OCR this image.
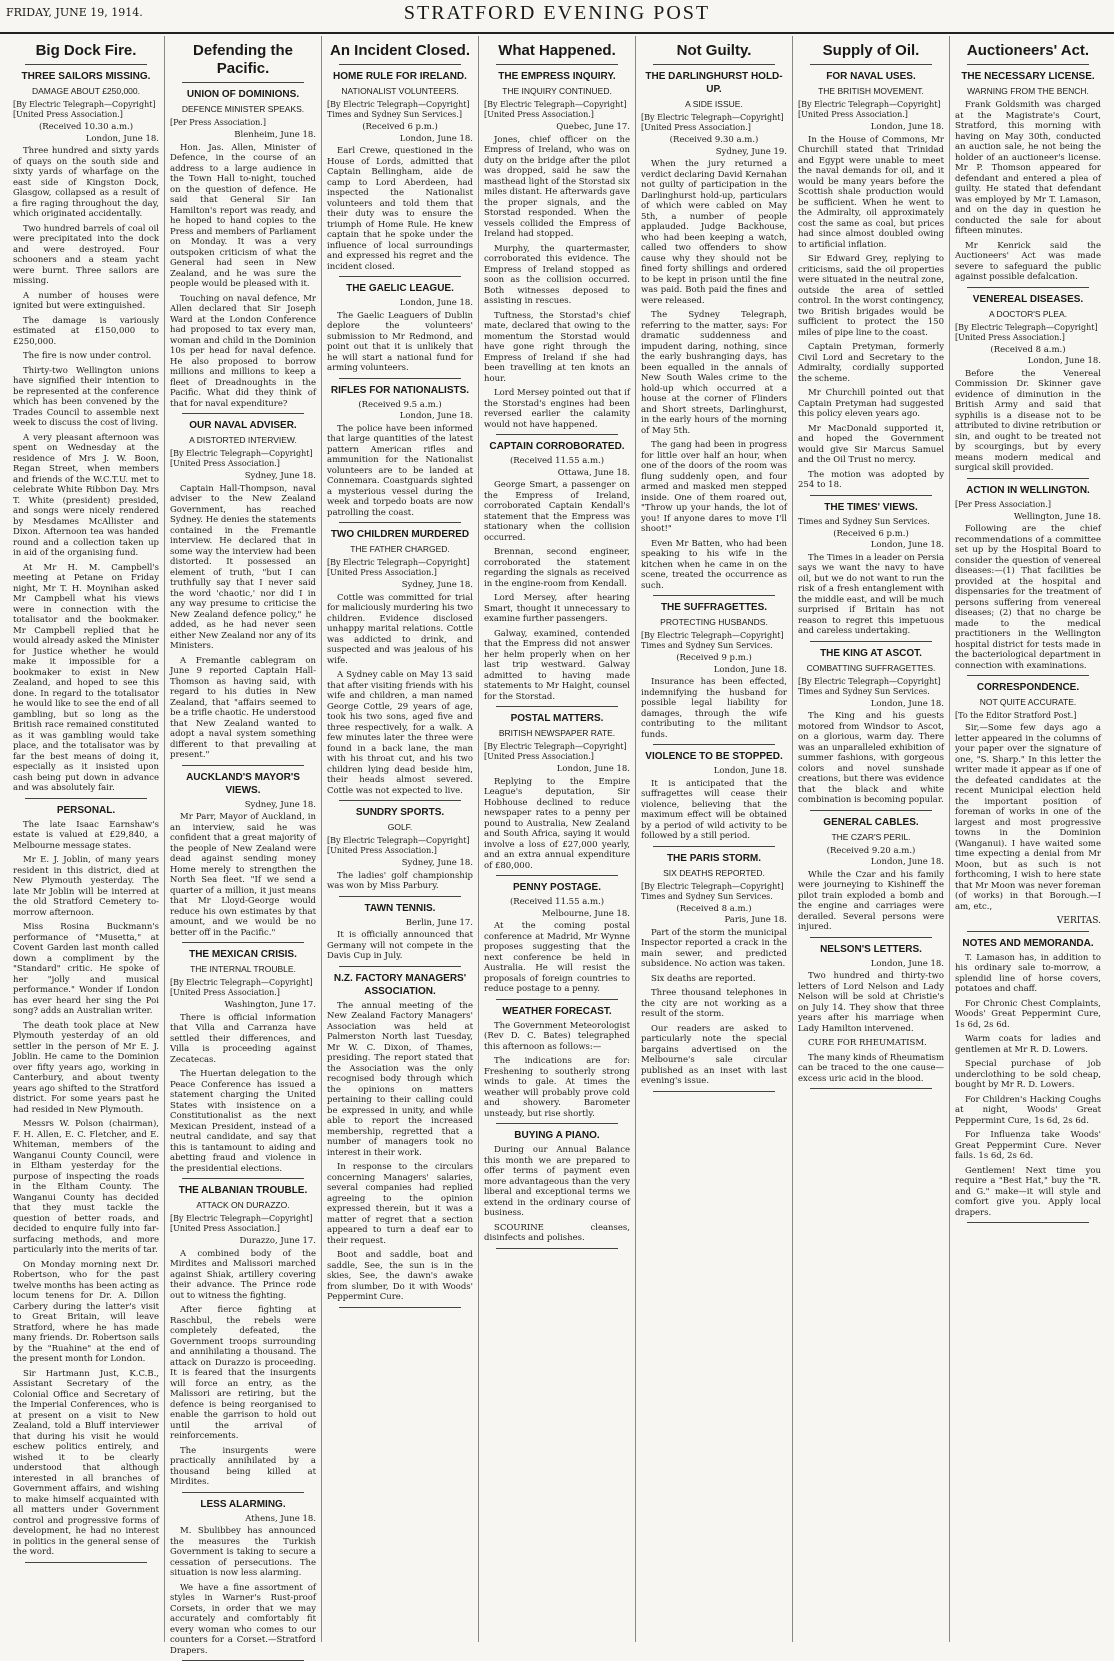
FRIDAY, JUNE 19, 1914.	STRATFORD EVENING POST
Big Dock Fire.
THREE SAILORS MISSING.
DAMAGE ABOUT £250,000.
[By Electric Telegraph—Copyright] [United Press Association.]
(Received 10.30 a.m.)
London, June 18.

Three hundred and sixty yards of quays on the south side and sixty yards of wharfage on the east side of Kingston Dock, Glasgow, collapsed as a result of a fire raging throughout the day, which originated accidentally.

Two hundred barrels of coal oil were precipitated into the dock and were destroyed. Four schooners and a steam yacht were burnt. Three sailors are missing.

A number of houses were ignited but were extinguished.

The damage is variously estimated at £150,000 to £250,000.

The fire is now under control.

Thirty-two Wellington unions have signified their intention to be represented at the conference which has been convened by the Trades Council to assemble next week to discuss the cost of living.

A very pleasant afternoon was spent on Wednesday at the residence of Mrs J. W. Boon, Regan Street, when members and friends of the W.C.T.U. met to celebrate White Ribbon Day. Mrs T. White (president) presided, and songs were nicely rendered by Mesdames McAllister and Dixon. Afternoon tea was handed round and a collection taken up in aid of the organising fund.

At Mr H. M. Campbell's meeting at Petane on Friday night, Mr T. H. Moynihan asked Mr Campbell what his views were in connection with the totalisator and the bookmaker. Mr Campbell replied that he would already asked the Minister for Justice whether he would make it impossible for a bookmaker to exist in New Zealand, and hoped to see this done. In regard to the totalisator he would like to see the end of all gambling, but so long as the British race remained constituted as it was gambling would take place, and the totalisator was by far the best means of doing it, especially as it insisted upon cash being put down in advance and was absolutely fair.

PERSONAL.

The late Isaac Earnshaw's estate is valued at £29,840, a Melbourne message states.

Mr E. J. Joblin, of many years resident in this district, died at New Plymouth yesterday. The late Mr Joblin will be interred at the old Stratford Cemetery to-morrow afternoon.

Miss Rosina Buckmann's performance of "Musetta," at Covent Garden last month called down a compliment by the "Standard" critic. He spoke of her "jolly and musical performance." Wonder if London has ever heard her sing the Poi song? adds an Australian writer.

The death took place at New Plymouth yesterday of an old settler in the person of Mr E. J. Joblin. He came to the Dominion over fifty years ago, working in Canterbury, and about twenty years ago shifted to the Stratford district. For some years past he had resided in New Plymouth.

Messrs W. Polson (chairman), F. H. Allen, E. C. Fletcher, and E. Whiteman, members of the Wanganui County Council, were in Eltham yesterday for the purpose of inspecting the roads in the Eltham County. The Wanganui County has decided that they must tackle the question of better roads, and decided to enquire fully into far-surfacing methods, and more particularly into the merits of tar.

On Monday morning next Dr. Robertson, who for the past twelve months has been acting as locum tenens for Dr. A. Dillon Carbery during the latter's visit to Great Britain, will leave Stratford, where he has made many friends. Dr. Robertson sails by the "Ruahine" at the end of the present month for London.

Sir Hartmann Just, K.C.B., Assistant Secretary of the Colonial Office and Secretary of the Imperial Conferences, who is at present on a visit to New Zealand, told a Bluff interviewer that during his visit he would eschew politics entirely, and wished it to be clearly understood that although interested in all branches of Government affairs, and wishing to make himself acquainted with all matters under Government control and progressive forms of development, he had no interest in politics in the general sense of the word.

Defending the Pacific.
UNION OF DOMINIONS.
DEFENCE MINISTER SPEAKS.
[Per Press Association.]
Blenheim, June 18.

Hon. Jas. Allen, Minister of Defence, in the course of an address to a large audience in the Town Hall to-night, touched on the question of defence. He said that General Sir Ian Hamilton's report was ready, and he hoped to hand copies to the Press and members of Parliament on Monday. It was a very outspoken criticism of what the General had seen in New Zealand, and he was sure the people would be pleased with it.

Touching on naval defence, Mr Allen declared that Sir Joseph Ward at the London Conference had proposed to tax every man, woman and child in the Dominion 10s per head for naval defence. He also proposed to borrow millions and millions to keep a fleet of Dreadnoughts in the Pacific. What did they think of that for naval expenditure?

OUR NAVAL ADVISER.
A DISTORTED INTERVIEW.
[By Electric Telegraph—Copyright] [United Press Association.]
Sydney, June 18.

Captain Hall-Thompson, naval adviser to the New Zealand Government, has reached Sydney. He denies the statements contained in the Fremantle interview. He declared that in some way the interview had been distorted. It possessed an element of truth, "but I can truthfully say that I never said the word 'chaotic,' nor did I in any way presume to criticise the New Zealand defence policy," he added, as he had never seen either New Zealand nor any of its Ministers.

A Fremantle cablegram on June 9 reported Captain Hall-Thomson as having said, with regard to his duties in New Zealand, that "affairs seemed to be a trifle chaotic. He understood that New Zealand wanted to adopt a naval system something different to that prevailing at present."

AUCKLAND'S MAYOR'S VIEWS.
Sydney, June 18.

Mr Parr, Mayor of Auckland, in an interview, said he was confident that a great majority of the people of New Zealand were dead against sending money Home merely to strengthen the North Sea fleet. "If we send a quarter of a million, it just means that Mr Lloyd-George would reduce his own estimates by that amount, and we would be no better off in the Pacific."

THE MEXICAN CRISIS.
THE INTERNAL TROUBLE.
[By Electric Telegraph—Copyright] [United Press Association.]
Washington, June 17.

There is official information that Villa and Carranza have settled their differences, and Villa is proceeding against Zecatecas.

The Huertan delegation to the Peace Conference has issued a statement charging the United States with insistence on a Constitutionalist as the next Mexican President, instead of a neutral candidate, and say that this is tantamount to aiding and abetting fraud and violence in the presidential elections.

THE ALBANIAN TROUBLE.
ATTACK ON DURAZZO.
[By Electric Telegraph—Copyright] [United Press Association.]
Durazzo, June 17.

A combined body of the Mirdites and Malissori marched against Shiak, artillery covering their advance. The Prince rode out to witness the fighting.

After fierce fighting at Raschbul, the rebels were completely defeated, the Government troops surrounding and annihilating a thousand. The attack on Durazzo is proceeding. It is feared that the insurgents will force an entry, as the Malissori are retiring, but the defence is being reorganised to enable the garrison to hold out until the arrival of reinforcements.

The insurgents were practically annihilated by a thousand being killed at Mirdites.

LESS ALARMING.
Athens, June 18.

M. Sbulibbey has announced the measures the Turkish Government is taking to secure a cessation of persecutions. The situation is now less alarming.

We have a fine assortment of styles in Warner's Rust-proof Corsets, in order that we may accurately and comfortably fit every woman who comes to our counters for a Corset.—Stratford Drapers.

An Incident Closed.
HOME RULE FOR IRELAND.
NATIONALIST VOLUNTEERS.
[By Electric Telegraph—Copyright] Times and Sydney Sun Services.]
(Received 6 p.m.)
London, June 18.

Earl Crewe, questioned in the House of Lords, admitted that Captain Bellingham, aide de camp to Lord Aberdeen, had inspected the Nationalist volunteers and told them that their duty was to ensure the triumph of Home Rule. He knew captain that he spoke under the influence of local surroundings and expressed his regret and the incident closed.

THE GAELIC LEAGUE.
London, June 18.

The Gaelic Leaguers of Dublin deplore the volunteers' submission to Mr Redmond, and point out that it is unlikely that he will start a national fund for arming volunteers.

RIFLES FOR NATIONALISTS.
(Received 9.5 a.m.)
London, June 18.

The police have been informed that large quantities of the latest pattern American rifles and ammunition for the Nationalist volunteers are to be landed at Connemara. Coastguards sighted a mysterious vessel during the week and torpedo boats are now patrolling the coast.

TWO CHILDREN MURDERED
THE FATHER CHARGED.
[By Electric Telegraph—Copyright] [United Press Association.]
Sydney, June 18.

Cottle was committed for trial for maliciously murdering his two children. Evidence disclosed unhappy marital relations. Cottle was addicted to drink, and suspected and was jealous of his wife.

A Sydney cable on May 13 said that after visiting friends with his wife and children, a man named George Cottle, 29 years of age, took his two sons, aged five and three respectively, for a walk. A few minutes later the three were found in a back lane, the man with his throat cut, and his two children lying dead beside him, their heads almost severed. Cottle was not expected to live.

SUNDRY SPORTS.
GOLF.
[By Electric Telegraph—Copyright] [United Press Association.]
Sydney, June 18.

The ladies' golf championship was won by Miss Parbury.

TAWN TENNIS.
Berlin, June 17.

It is officially announced that Germany will not compete in the Davis Cup in July.

N.Z. FACTORY MANAGERS' ASSOCIATION.

The annual meeting of the New Zealand Factory Managers' Association was held at Palmerston North last Tuesday, Mr W. C. Dixon, of Thames, presiding. The report stated that the Association was the only recognised body through which the opinions on matters pertaining to their calling could be expressed in unity, and while able to report the increased membership, regretted that a number of managers took no interest in their work.

In response to the circulars concerning Managers' salaries, several companies had replied agreeing to the opinion expressed therein, but it was a matter of regret that a section appeared to turn a deaf ear to their request.

Boot and saddle, boat and saddle, See, the sun is in the skies, See, the dawn's awake from slumber, Do it with Woods' Peppermint Cure.

What Happened.
THE EMPRESS INQUIRY.
THE INQUIRY CONTINUED.
[By Electric Telegraph—Copyright] [United Press Association.]
Quebec, June 17.

Jones, chief officer on the Empress of Ireland, who was on duty on the bridge after the pilot was dropped, said he saw the masthead light of the Storstad six miles distant. He afterwards gave the proper signals, and the Storstad responded. When the vessels collided the Empress of Ireland had stopped.

Murphy, the quartermaster, corroborated this evidence. The Empress of Ireland stopped as soon as the collision occurred. Both witnesses deposed to assisting in rescues.

Tuftness, the Storstad's chief mate, declared that owing to the momentum the Storstad would have gone right through the Empress of Ireland if she had been travelling at ten knots an hour.

Lord Mersey pointed out that if the Storstad's engines had been reversed earlier the calamity would not have happened.

CAPTAIN CORROBORATED.
(Received 11.55 a.m.)
Ottawa, June 18.

George Smart, a passenger on the Empress of Ireland, corroborated Captain Kendall's statement that the Empress was stationary when the collision occurred.

Brennan, second engineer, corroborated the statement regarding the signals as received in the engine-room from Kendall.

Lord Mersey, after hearing Smart, thought it unnecessary to examine further passengers.

Galway, examined, contended that the Empress did not answer her helm properly when on her last trip westward. Galway admitted to having made statements to Mr Haight, counsel for the Storstad.

POSTAL MATTERS.
BRITISH NEWSPAPER RATE.
[By Electric Telegraph—Copyright] [United Press Association.]
London, June 18.

Replying to the Empire League's deputation, Sir Hobhouse declined to reduce newspaper rates to a penny per pound to Australia, New Zealand and South Africa, saying it would involve a loss of £27,000 yearly, and an extra annual expenditure of £80,000.

PENNY POSTAGE.
(Received 11.55 a.m.)
Melbourne, June 18.

At the coming postal conference at Madrid, Mr Wynne proposes suggesting that the next conference be held in Australia. He will resist the proposals of foreign countries to reduce postage to a penny.

WEATHER FORECAST.

The Government Meteorologist (Rev D. C. Bates) telegraphed this afternoon as follows:—

The indications are for: Freshening to southerly strong winds to gale. At times the weather will probably prove cold and showery. Barometer unsteady, but rise shortly.

BUYING A PIANO.

During our Annual Balance this month we are prepared to offer terms of payment even more advantageous than the very liberal and exceptional terms we extend in the ordinary course of business.

SCOURINE cleanses, disinfects and polishes.

Not Guilty.
THE DARLINGHURST HOLD-UP.
A SIDE ISSUE.
[By Electric Telegraph—Copyright] [United Press Association.]
(Received 9.30 a.m.)
Sydney, June 19.

When the jury returned a verdict declaring David Kernahan not guilty of participation in the Darlinghurst hold-up, particulars of which were cabled on May 5th, a number of people applauded. Judge Backhouse, who had been keeping a watch, called two offenders to show cause why they should not be fined forty shillings and ordered to be kept in prison until the fine was paid. Both paid the fines and were released.

The Sydney Telegraph, referring to the matter, says: For dramatic suddenness and impudent daring, nothing, since the early bushranging days, has been equalled in the annals of New South Wales crime to the hold-up which occurred at a house at the corner of Flinders and Short streets, Darlinghurst, in the early hours of the morning of May 5th.

The gang had been in progress for little over half an hour, when one of the doors of the room was flung suddenly open, and four armed and masked men stepped inside. One of them roared out, "Throw up your hands, the lot of you! If anyone dares to move I'll shoot!"

Even Mr Batten, who had been speaking to his wife in the kitchen when he came in on the scene, treated the occurrence as such.

THE SUFFRAGETTES.
PROTECTING HUSBANDS.
[By Electric Telegraph—Copyright] Times and Sydney Sun Services.
(Received 9 p.m.)
London, June 18.

Insurance has been effected, indemnifying the husband for possible legal liability for damages, through the wife contributing to the militant funds.

VIOLENCE TO BE STOPPED.
London, June 18.

It is anticipated that the suffragettes will cease their violence, believing that the maximum effect will be obtained by a period of wild activity to be followed by a still period.

THE PARIS STORM.
SIX DEATHS REPORTED.
[By Electric Telegraph—Copyright] Times and Sydney Sun Services.
(Received 8 a.m.)
Paris, June 18.

Part of the storm the municipal Inspector reported a crack in the main sewer, and predicted subsidence. No action was taken.

Six deaths are reported.

Three thousand telephones in the city are not working as a result of the storm.

Our readers are asked to particularly note the special bargains advertised on the Melbourne's sale circular published as an inset with last evening's issue.

Supply of Oil.
FOR NAVAL USES.
THE BRITISH MOVEMENT.
[By Electric Telegraph—Copyright] [United Press Association.]
London, June 18.

In the House of Commons, Mr Churchill stated that Trinidad and Egypt were unable to meet the naval demands for oil, and it would be many years before the Scottish shale production would be sufficient. When he went to the Admiralty, oil approximately cost the same as coal, but prices had since almost doubled owing to artificial inflation.

Sir Edward Grey, replying to criticisms, said the oil properties were situated in the neutral zone, outside the area of settled control. In the worst contingency, two British brigades would be sufficient to protect the 150 miles of pipe line to the coast.

Captain Pretyman, formerly Civil Lord and Secretary to the Admiralty, cordially supported the scheme.

Mr Churchill pointed out that Captain Pretyman had suggested this policy eleven years ago.

Mr MacDonald supported it, and hoped the Government would give Sir Marcus Samuel and the Oil Trust no mercy.

The motion was adopted by 254 to 18.

THE TIMES' VIEWS.
Times and Sydney Sun Services.
(Received 6 p.m.)
London, June 18.

The Times in a leader on Persia says we want the navy to have oil, but we do not want to run the risk of a fresh entanglement with the middle east, and will be much surprised if Britain has not reason to regret this impetuous and careless undertaking.

THE KING AT ASCOT.
COMBATTING SUFFRAGETTES.
[By Electric Telegraph—Copyright] Times and Sydney Sun Services.
London, June 18.

The King and his guests motored from Windsor to Ascot, on a glorious, warm day. There was an unparalleled exhibition of summer fashions, with gorgeous colors and novel sunshade creations, but there was evidence that the black and white combination is becoming popular.

GENERAL CABLES.
THE CZAR'S PERIL.
(Received 9.20 a.m.)
London, June 18.

While the Czar and his family were journeying to Kishineff the pilot train exploded a bomb and the engine and carriages were derailed. Several persons were injured.

NELSON'S LETTERS.
London, June 18.

Two hundred and thirty-two letters of Lord Nelson and Lady Nelson will be sold at Christie's on July 14. They show that three years after his marriage when Lady Hamilton intervened.

CURE FOR RHEUMATISM.

The many kinds of Rheumatism can be traced to the one cause—excess uric acid in the blood.

Auctioneers' Act.
THE NECESSARY LICENSE.
WARNING FROM THE BENCH.

Frank Goldsmith was charged at the Magistrate's Court, Stratford, this morning with having on May 30th, conducted an auction sale, he not being the holder of an auctioneer's license. Mr P. Thomson appeared for defendant and entered a plea of guilty. He stated that defendant was employed by Mr T. Lamason, and on the day in question he conducted the sale for about fifteen minutes.

Mr Kenrick said the Auctioneers' Act was made severe to safeguard the public against possible defalcation.

VENEREAL DISEASES.
A DOCTOR'S PLEA.
[By Electric Telegraph—Copyright] [United Press Association.]
(Received 8 a.m.)
London, June 18.

Before the Venereal Commission Dr. Skinner gave evidence of diminution in the British Army and said that syphilis is a disease not to be attributed to divine retribution or sin, and ought to be treated not by scourgings, but by every means modern medical and surgical skill provided.

ACTION IN WELLINGTON.
[Per Press Association.]
Wellington, June 18.

Following are the chief recommendations of a committee set up by the Hospital Board to consider the question of venereal diseases:—(1) That facilities be provided at the hospital and dispensaries for the treatment of persons suffering from venereal diseases; (2) that no charge be made to the medical practitioners in the Wellington hospital district for tests made in the bacteriological department in connection with examinations.

CORRESPONDENCE.
NOT QUITE ACCURATE.
[To the Editor Stratford Post.]

Sir,—Some few days ago a letter appeared in the columns of your paper over the signature of one, "S. Sharp." In this letter the writer made it appear as if one of the defeated candidates at the recent Municipal election held the important position of foreman of works in one of the largest and most progressive towns in the Dominion (Wanganui). I have waited some time expecting a denial from Mr Moon, but as such is not forthcoming, I wish to here state that Mr Moon was never foreman (of works) in that Borough.—I am, etc.,

VERITAS.
NOTES AND MEMORANDA.

T. Lamason has, in addition to his ordinary sale to-morrow, a splendid line of horse covers, potatoes and chaff.

For Chronic Chest Complaints, Woods' Great Peppermint Cure, 1s 6d, 2s 6d.

Warm coats for ladies and gentlemen at Mr R. D. Lowers.

Special purchase of job underclothing to be sold cheap, bought by Mr R. D. Lowers.

For Children's Hacking Coughs at night, Woods' Great Peppermint Cure, 1s 6d, 2s 6d.

For Influenza take Woods' Great Peppermint Cure. Never fails. 1s 6d, 2s 6d.

Gentlemen! Next time you require a "Best Hat," buy the "R. and G." make—it will style and comfort give you. Apply local drapers.
